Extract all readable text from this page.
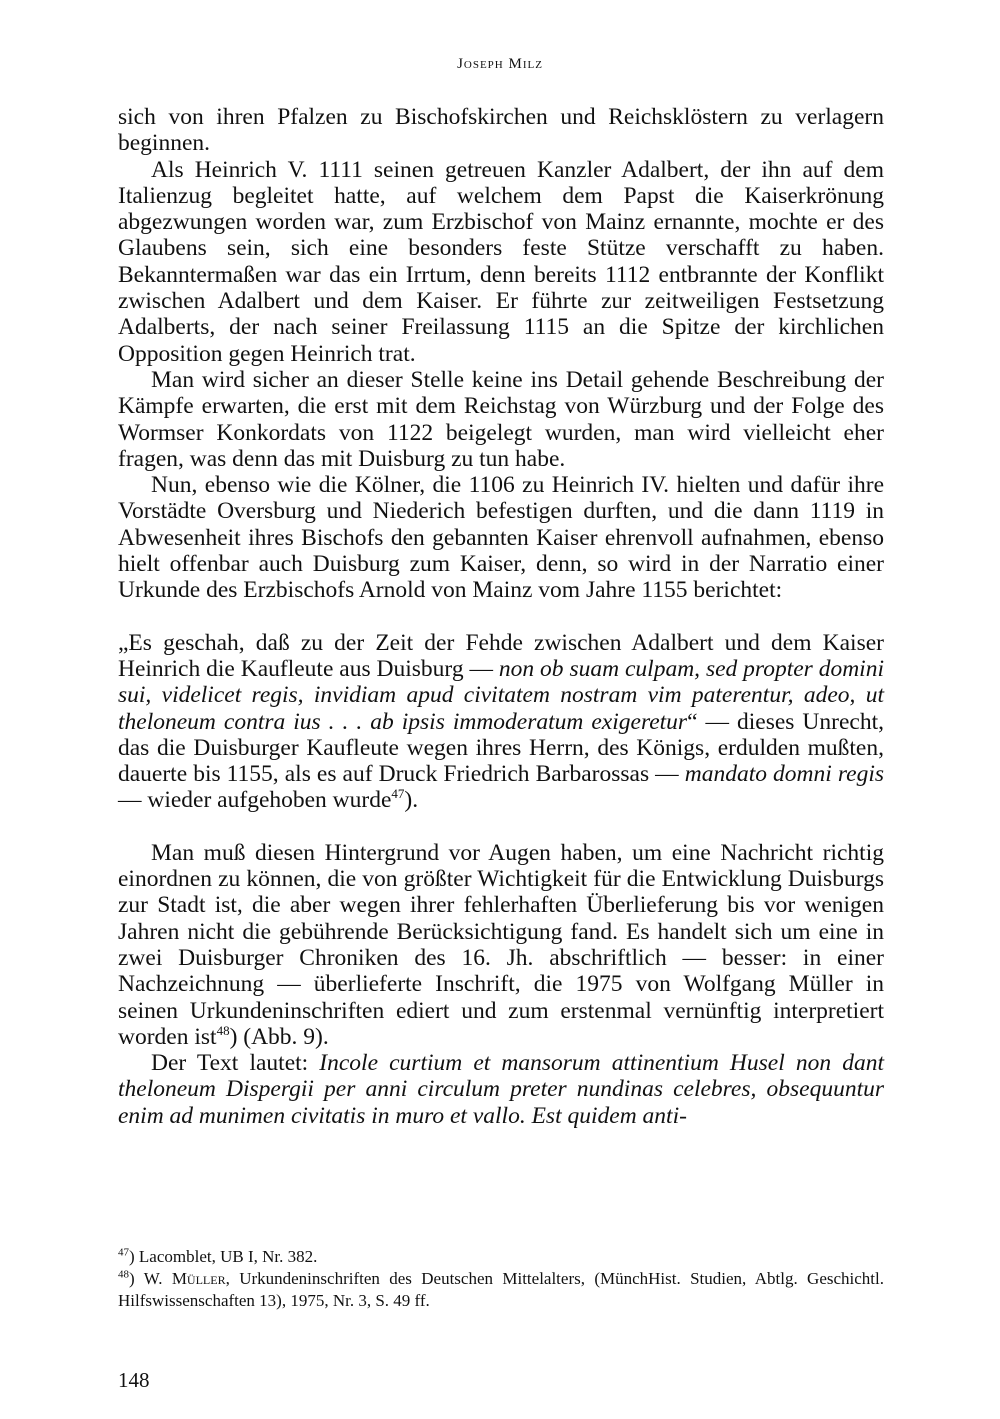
Joseph Milz

sich von ihren Pfalzen zu Bischofskirchen und Reichsklöstern zu verlagern beginnen.

Als Heinrich V. 1111 seinen getreuen Kanzler Adalbert, der ihn auf dem Italienzug begleitet hatte, auf welchem dem Papst die Kaiserkrönung abgezwungen worden war, zum Erzbischof von Mainz ernannte, mochte er des Glaubens sein, sich eine besonders feste Stütze verschafft zu haben. Bekanntermaßen war das ein Irrtum, denn bereits 1112 entbrannte der Konflikt zwischen Adalbert und dem Kaiser. Er führte zur zeitweiligen Festsetzung Adalberts, der nach seiner Freilassung 1115 an die Spitze der kirchlichen Opposition gegen Heinrich trat.

Man wird sicher an dieser Stelle keine ins Detail gehende Beschreibung der Kämpfe erwarten, die erst mit dem Reichstag von Würzburg und der Folge des Wormser Konkordats von 1122 beigelegt wurden, man wird vielleicht eher fragen, was denn das mit Duisburg zu tun habe.

Nun, ebenso wie die Kölner, die 1106 zu Heinrich IV. hielten und dafür ihre Vorstädte Oversburg und Niederich befestigen durften, und die dann 1119 in Abwesenheit ihres Bischofs den gebannten Kaiser ehrenvoll aufnahmen, ebenso hielt offenbar auch Duisburg zum Kaiser, denn, so wird in der Narratio einer Urkunde des Erzbischofs Arnold von Mainz vom Jahre 1155 berichtet:

„Es geschah, daß zu der Zeit der Fehde zwischen Adalbert und dem Kaiser Heinrich die Kaufleute aus Duisburg — non ob suam culpam, sed propter domini sui, videlicet regis, invidiam apud civitatem nostram vim paterentur, adeo, ut theloneum contra ius . . . ab ipsis immoderatum exigeretur“ — dieses Unrecht, das die Duisburger Kaufleute wegen ihres Herrn, des Königs, erdulden mußten, dauerte bis 1155, als es auf Druck Friedrich Barbarossas — mandato domni regis — wieder aufgehoben wurde$^{47}$).

Man muß diesen Hintergrund vor Augen haben, um eine Nachricht richtig einordnen zu können, die von größter Wichtigkeit für die Entwicklung Duisburgs zur Stadt ist, die aber wegen ihrer fehlerhaften Überlieferung bis vor wenigen Jahren nicht die gebührende Berücksichtigung fand. Es handelt sich um eine in zwei Duisburger Chroniken des 16. Jh. abschriftlich — besser: in einer Nachzeichnung — überlieferte Inschrift, die 1975 von Wolfgang Müller in seinen Urkundeninschriften ediert und zum erstenmal vernünftig interpretiert worden ist$^{48}$) (Abb. 9).

Der Text lautet: Incole curtium et mansorum attinentium Husel non dant theloneum Dispergii per anni circulum preter nundinas celebres, obsequuntur enim ad munimen civitatis in muro et vallo. Est quidem anti-

$^{47}$) Lacomblet, UB I, Nr. 382.

$^{48}$) W. Müller, Urkundeninschriften des Deutschen Mittelalters, (MünchHist. Studien, Abtlg. Geschichtl. Hilfswissenschaften 13), 1975, Nr. 3, S. 49 ff.

148
